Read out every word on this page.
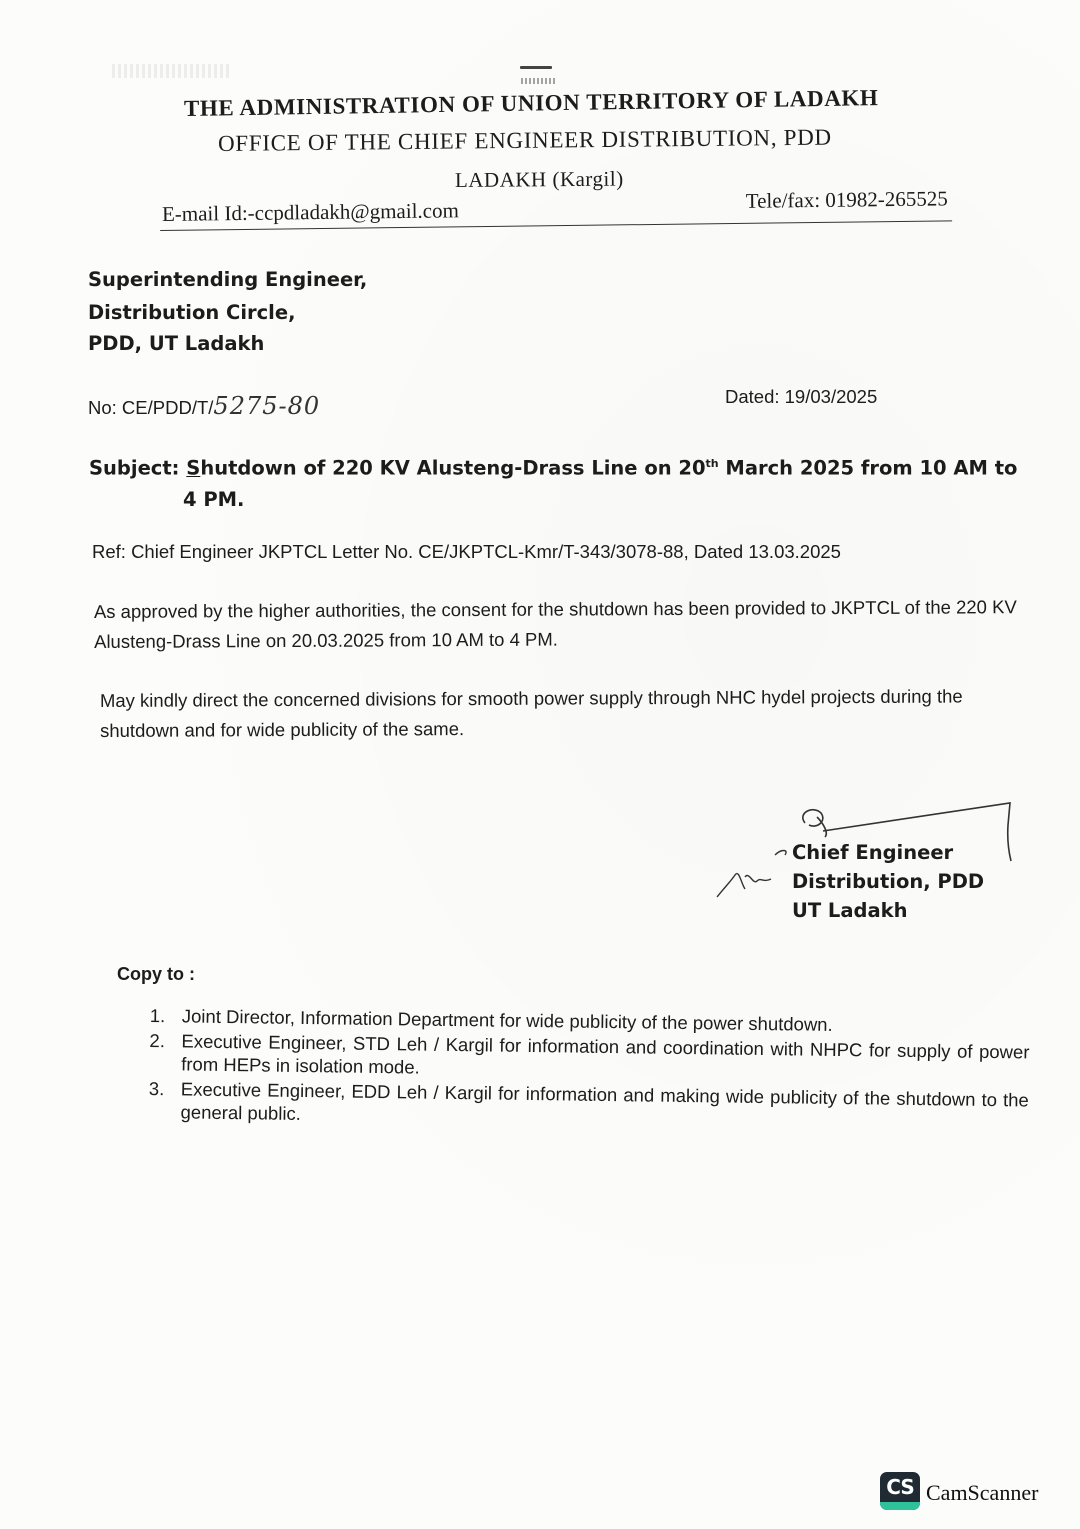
THE ADMINISTRATION OF UNION TERRITORY OF LADAKH
OFFICE OF THE CHIEF ENGINEER DISTRIBUTION, PDD
LADAKH (Kargil)
E-mail Id:-ccpdladakh@gmail.com	Tele/fax: 01982-265525
Superintending Engineer,
Distribution Circle,
PDD, UT Ladakh
No: CE/PDD/T/5275-80	Dated: 19/03/2025
Subject: Shutdown of 220 KV Alusteng-Drass Line on 20th March 2025 from 10 AM to
4 PM.
Ref: Chief Engineer JKPTCL Letter No. CE/JKPTCL-Kmr/T-343/3078-88, Dated 13.03.2025
As approved by the higher authorities, the consent for the shutdown has been provided to JKPTCL of the 220 KV Alusteng-Drass Line on 20.03.2025 from 10 AM to 4 PM.
May kindly direct the concerned divisions for smooth power supply through NHC hydel projects during the shutdown and for wide publicity of the same.
Chief Engineer
Distribution, PDD
UT Ladakh
Copy to :
1. Joint Director, Information Department for wide publicity of the power shutdown.
2. Executive Engineer, STD Leh / Kargil for information and coordination with NHPC for supply of power from HEPs in isolation mode.
3. Executive Engineer, EDD Leh / Kargil for information and making wide publicity of the shutdown to the general public.
CS CamScanner
